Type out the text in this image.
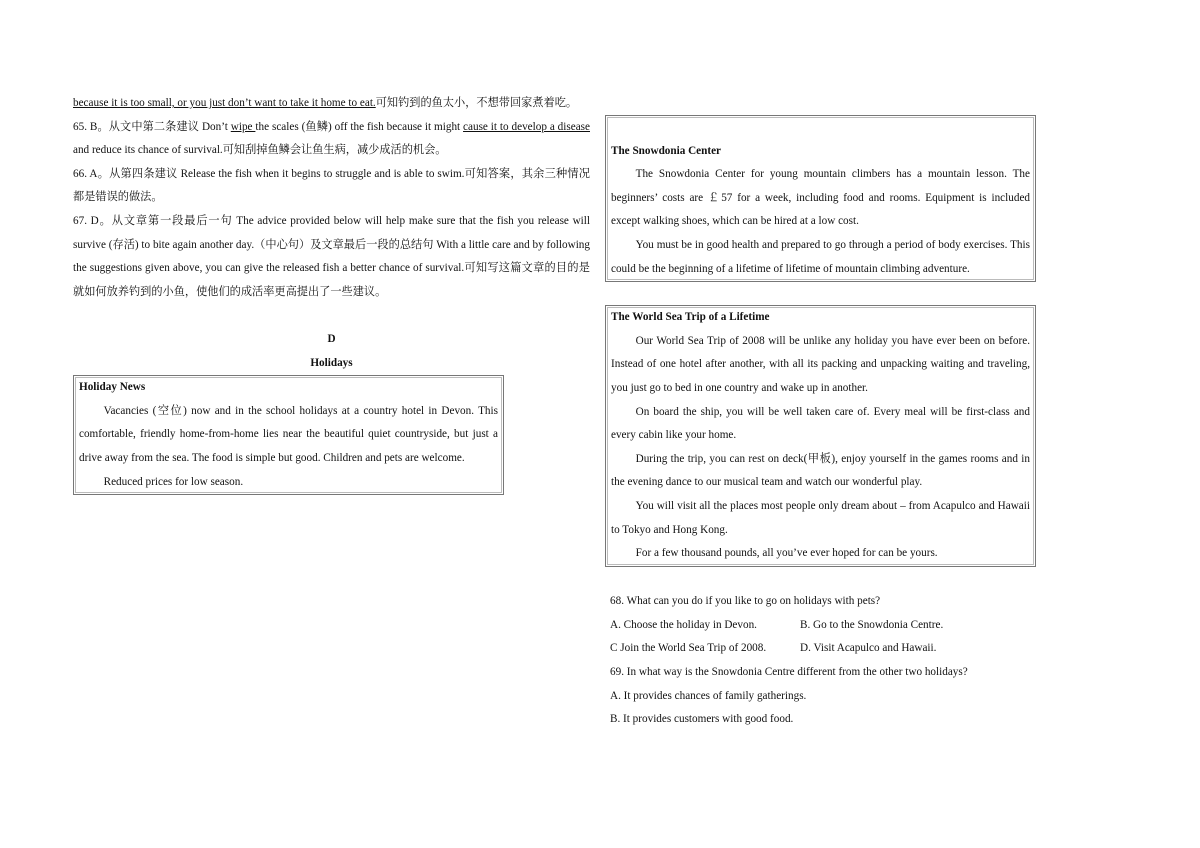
because it is too small, or you just don’t want to take it home to eat.可知钓到的鱼太小，不想带回家煮着吃。

65. B。从文中第二条建议 Don’t wipe the scales (鱼鳞) off the fish because it might cause it to develop a disease and reduce its chance of survival.可知刮掉鱼鳞会让鱼生病，减少成活的机会。

66. A。从第四条建议 Release the fish when it begins to struggle and is able to swim.可知答案，其余三种情况都是错误的做法。

67. D。从文章第一段最后一句 The advice provided below will help make sure that the fish you release will survive (存活) to bite again another day.（中心句）及文章最后一段的总结句 With a little care and by following the suggestions given above, you can give the released fish a better chance of survival.可知写这篇文章的目的是就如何放养钓到的小鱼，使他们的成活率更高提出了一些建议。

D

Holidays

Holiday News

Vacancies (空位) now and in the school holidays at a country hotel in Devon. This comfortable, friendly home-from-home lies near the beautiful quiet countryside, but just a drive away from the sea. The food is simple but good. Children and pets are welcome.

Reduced prices for low season.

The Snowdonia Center

The Snowdonia Center for young mountain climbers has a mountain lesson. The beginners’ costs are ￡57 for a week, including food and rooms. Equipment is included except walking shoes, which can be hired at a low cost.

You must be in good health and prepared to go through a period of body exercises. This could be the beginning of a lifetime of lifetime of mountain climbing adventure.

The World Sea Trip of a Lifetime

Our World Sea Trip of 2008 will be unlike any holiday you have ever been on before. Instead of one hotel after another, with all its packing and unpacking waiting and traveling, you just go to bed in one country and wake up in another.

On board the ship, you will be well taken care of. Every meal will be first-class and every cabin like your home.

During the trip, you can rest on deck(甲板), enjoy yourself in the games rooms and in the evening dance to our musical team and watch our wonderful play.

You will visit all the places most people only dream about – from Acapulco and Hawaii to Tokyo and Hong Kong.

For a few thousand pounds, all you’ve ever hoped for can be yours.

68. What can you do if you like to go on holidays with pets?

A. Choose the holiday in Devon.	B. Go to the Snowdonia Centre.
C Join the World Sea Trip of 2008.	D. Visit Acapulco and Hawaii.

69. In what way is the Snowdonia Centre different from the other two holidays?

A. It provides chances of family gatherings.

B. It provides customers with good food.
